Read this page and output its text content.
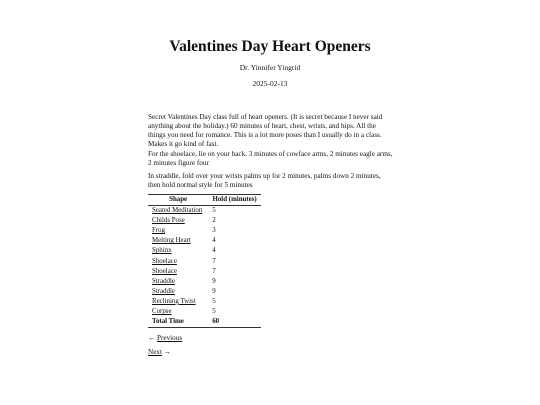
Valentines Day Heart Openers
Dr. Yinnifer Yingrid
2025-02-13

Secret Valentines Day class full of heart openers. (It is secret because I never said anything about the holiday.) 60 minutes of heart, chest, wrists, and hips. All the things you need for romance. This is a lot more poses than I usually do in a class. Makes it go kind of fast.

For the shoelace, lie on your back. 3 minutes of cowface arms, 2 minutes eagle arms, 2 minutes figure four

In straddle, fold over your wrists palms up for 2 minutes, palms down 2 minutes, then hold normal style for 5 minutes

Shape	Hold (minutes)
Seated Meditation	5
Childs Pose	2
Frog	3
Melting Heart	4
Sphinx	4
Shoelace	7
Shoelace	7
Straddle	9
Straddle	9
Reclining Twist	5
Corpse	5
Total Time	60
← Previous
Next →
